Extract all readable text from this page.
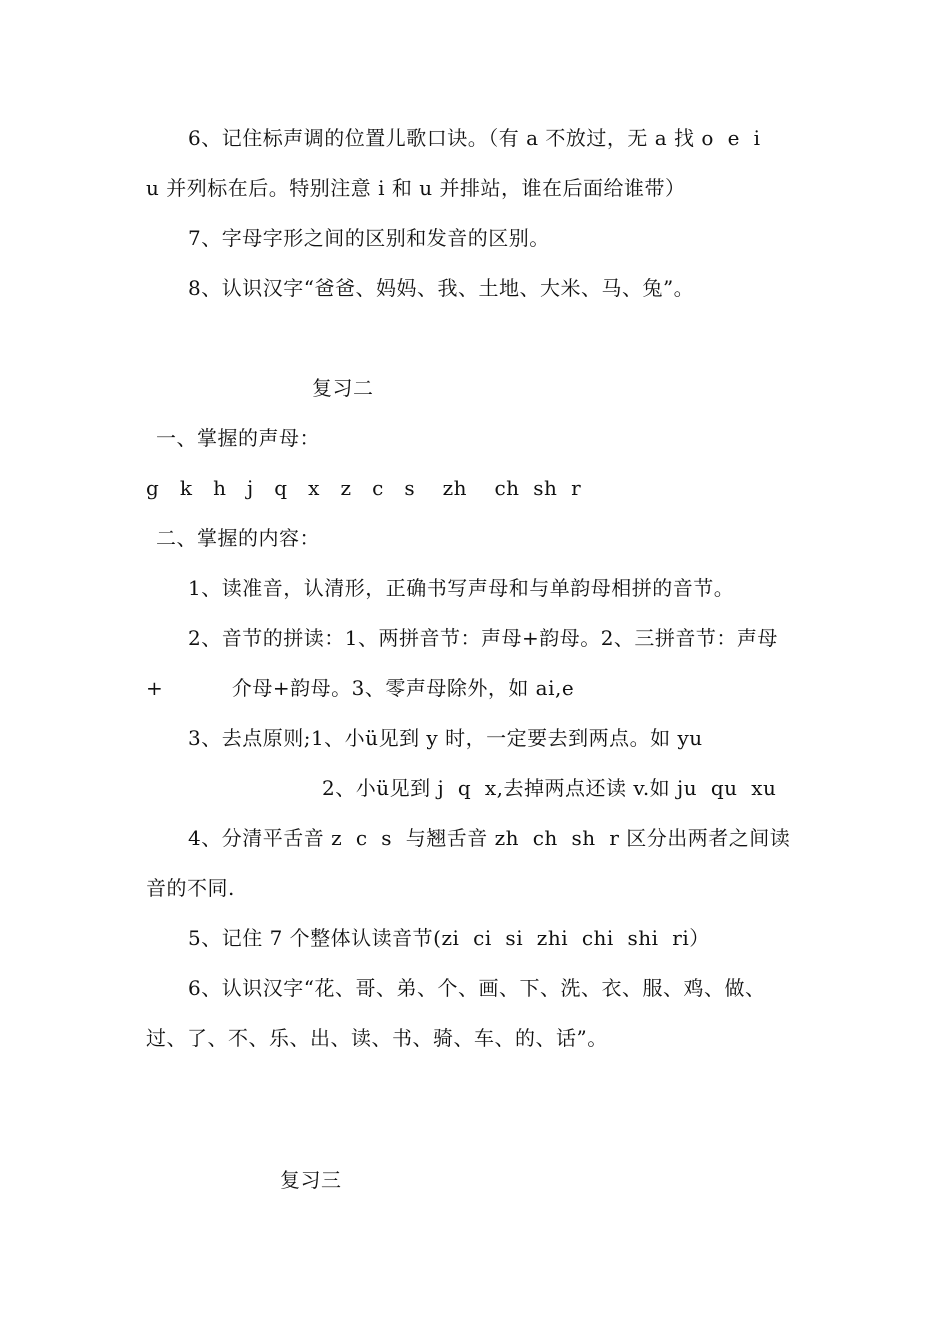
6、记住标声调的位置儿歌口诀。（有 a 不放过，无 a 找 o  e  i
u 并列标在后。特别注意 i 和 u 并排站，谁在后面给谁带）
7、字母字形之间的区别和发音的区别。
8、认识汉字“爸爸、妈妈、我、土地、大米、马、兔”。
复习二
一、掌握的声母：
g   k   h   j   q   x   z   c   s    zh    ch  sh  r
二、掌握的内容：
1、读准音，认清形，正确书写声母和与单韵母相拼的音节。
2、音节的拼读：1、两拼音节：声母+韵母。2、三拼音节：声母
+          介母+韵母。3、零声母除外，如 ai,e
3、去点原则;1、小ü见到 y 时，一定要去到两点。如 yu
2、小ü见到 j  q  x,去掉两点还读 v.如 ju  qu  xu
4、分清平舌音 z  c  s  与翘舌音 zh  ch  sh  r 区分出两者之间读
音的不同.
5、记住 7 个整体认读音节(zi  ci  si  zhi  chi  shi  ri）
6、认识汉字“花、哥、弟、个、画、下、洗、衣、服、鸡、做、
过、了、不、乐、出、读、书、骑、车、的、话”。
复习三
